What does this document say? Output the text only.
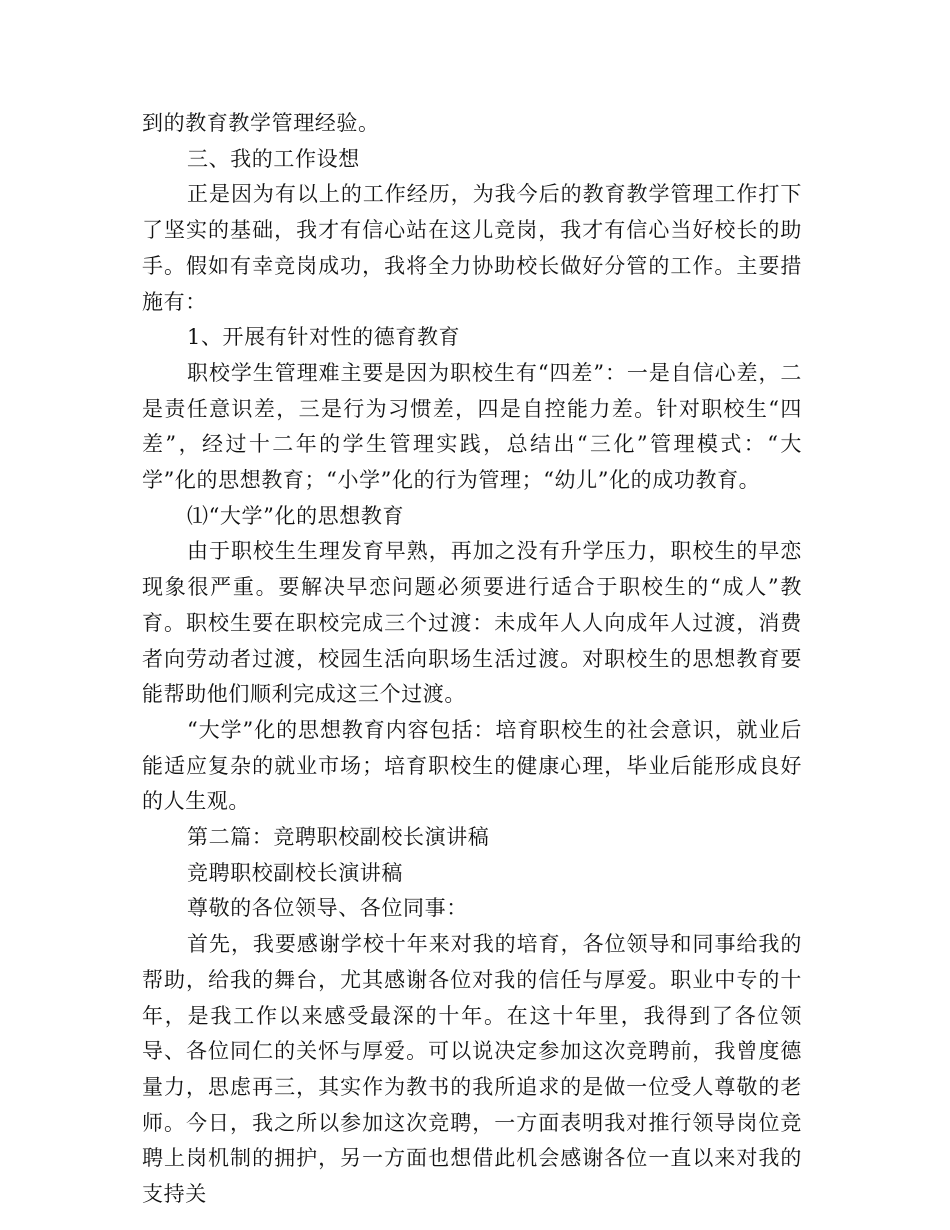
到的教育教学管理经验。

三、我的工作设想

正是因为有以上的工作经历，为我今后的教育教学管理工作打下了坚实的基础，我才有信心站在这儿竞岗，我才有信心当好校长的助手。假如有幸竞岗成功，我将全力协助校长做好分管的工作。主要措施有：

1、开展有针对性的德育教育

职校学生管理难主要是因为职校生有“四差”：一是自信心差，二是责任意识差，三是行为习惯差，四是自控能力差。针对职校生“四差”，经过十二年的学生管理实践，总结出“三化”管理模式：“大学”化的思想教育；“小学”化的行为管理；“幼儿”化的成功教育。

⑴“大学”化的思想教育

由于职校生生理发育早熟，再加之没有升学压力，职校生的早恋现象很严重。要解决早恋问题必须要进行适合于职校生的“成人”教育。职校生要在职校完成三个过渡：未成年人人向成年人过渡，消费者向劳动者过渡，校园生活向职场生活过渡。对职校生的思想教育要能帮助他们顺利完成这三个过渡。

“大学”化的思想教育内容包括：培育职校生的社会意识，就业后能适应复杂的就业市场；培育职校生的健康心理，毕业后能形成良好的人生观。

第二篇：竞聘职校副校长演讲稿

竞聘职校副校长演讲稿

尊敬的各位领导、各位同事：

首先，我要感谢学校十年来对我的培育，各位领导和同事给我的帮助，给我的舞台，尤其感谢各位对我的信任与厚爱。职业中专的十年，是我工作以来感受最深的十年。在这十年里，我得到了各位领导、各位同仁的关怀与厚爱。可以说决定参加这次竞聘前，我曾度德量力，思虑再三，其实作为教书的我所追求的是做一位受人尊敬的老师。今日，我之所以参加这次竞聘，一方面表明我对推行领导岗位竞聘上岗机制的拥护，另一方面也想借此机会感谢各位一直以来对我的支持关
